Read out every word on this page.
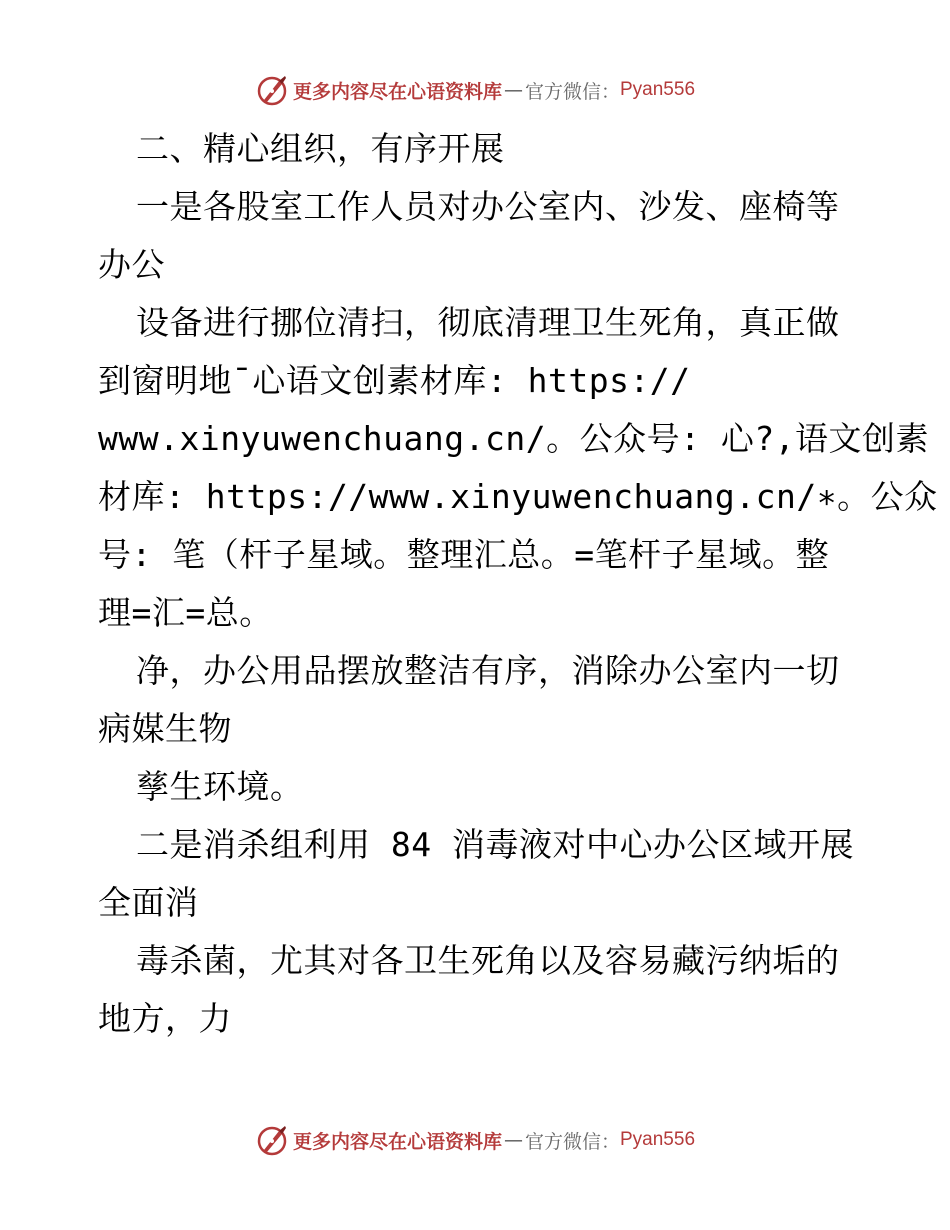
更多内容尽在心语资料库 — 官方微信： Pyan556
二、精心组织，有序开展
一是各股室工作人员对办公室内、沙发、座椅等
办公
设备进行挪位清扫，彻底清理卫生死角，真正做
到窗明地¯心语文创素材库: https://
www.xinyuwenchuang.cn/。公众号: 心?,语文创素
材库: https://www.xinyuwenchuang.cn/∗。公众
号: 笔（杆子星域。整理汇总。=笔杆子星域。整
理=汇=总。
净，办公用品摆放整洁有序，消除办公室内一切
病媒生物
孳生环境。
二是消杀组利用 84 消毒液对中心办公区域开展
全面消
毒杀菌，尤其对各卫生死角以及容易藏污纳垢的
地方，力
更多内容尽在心语资料库 — 官方微信： Pyan556
